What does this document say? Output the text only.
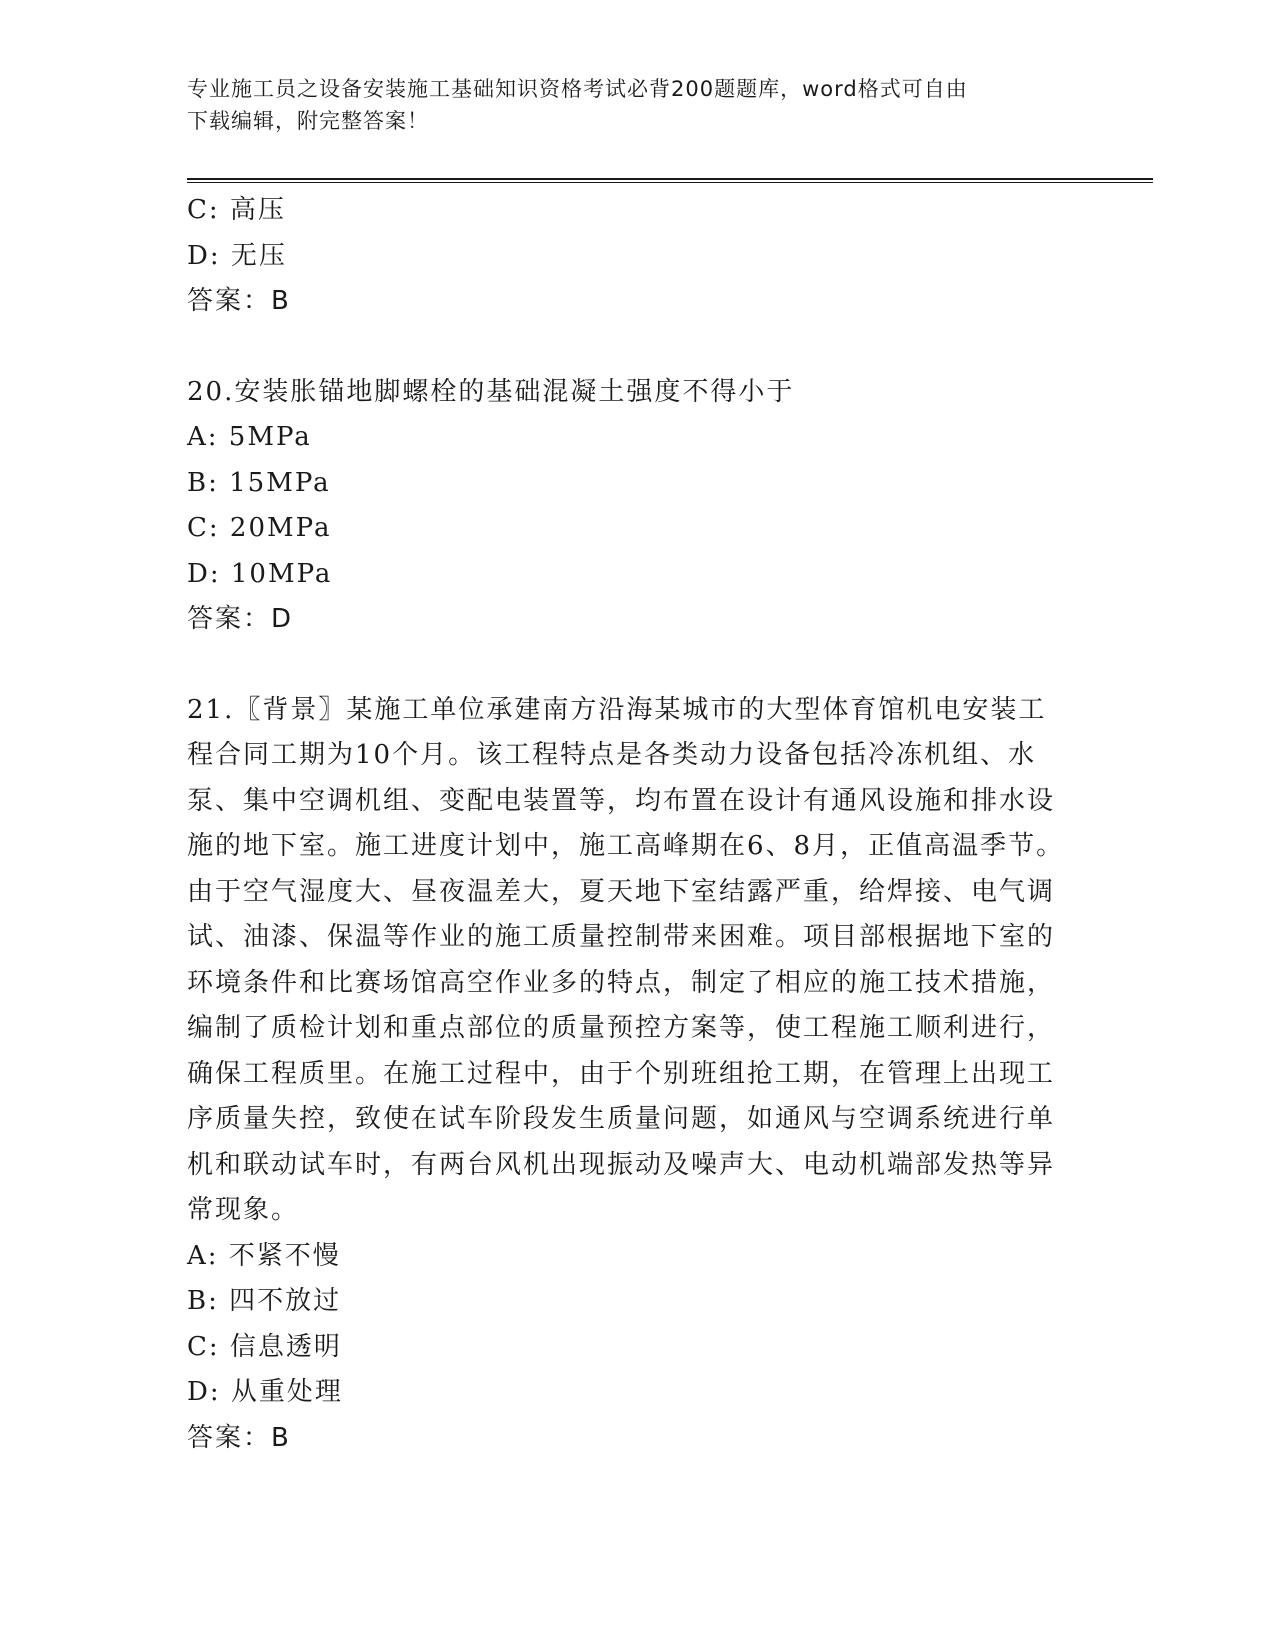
专业施工员之设备安装施工基础知识资格考试必背200题题库，word格式可自由
下载编辑，附完整答案！
C: 高压
D: 无压
答案：B
20.安装胀锚地脚螺栓的基础混凝土强度不得小于
A: 5MPa
B: 15MPa
C: 20MPa
D: 10MPa
答案：D
21.〖背景〗某施工单位承建南方沿海某城市的大型体育馆机电安装工程合同工期为10个月。该工程特点是各类动力设备包括冷冻机组、水泵、集中空调机组、变配电装置等，均布置在设计有通风设施和排水设施的地下室。施工进度计划中，施工高峰期在6、8月，正值高温季节。由于空气湿度大、昼夜温差大，夏天地下室结露严重，给焊接、电气调试、油漆、保温等作业的施工质量控制带来困难。项目部根据地下室的环境条件和比赛场馆高空作业多的特点，制定了相应的施工技术措施，编制了质检计划和重点部位的质量预控方案等，使工程施工顺利进行，确保工程质里。在施工过程中，由于个别班组抢工期，在管理上出现工序质量失控，致使在试车阶段发生质量问题，如通风与空调系统进行单机和联动试车时，有两台风机出现振动及噪声大、电动机端部发热等异常现象。
A: 不紧不慢
B: 四不放过
C: 信息透明
D: 从重处理
答案：B
